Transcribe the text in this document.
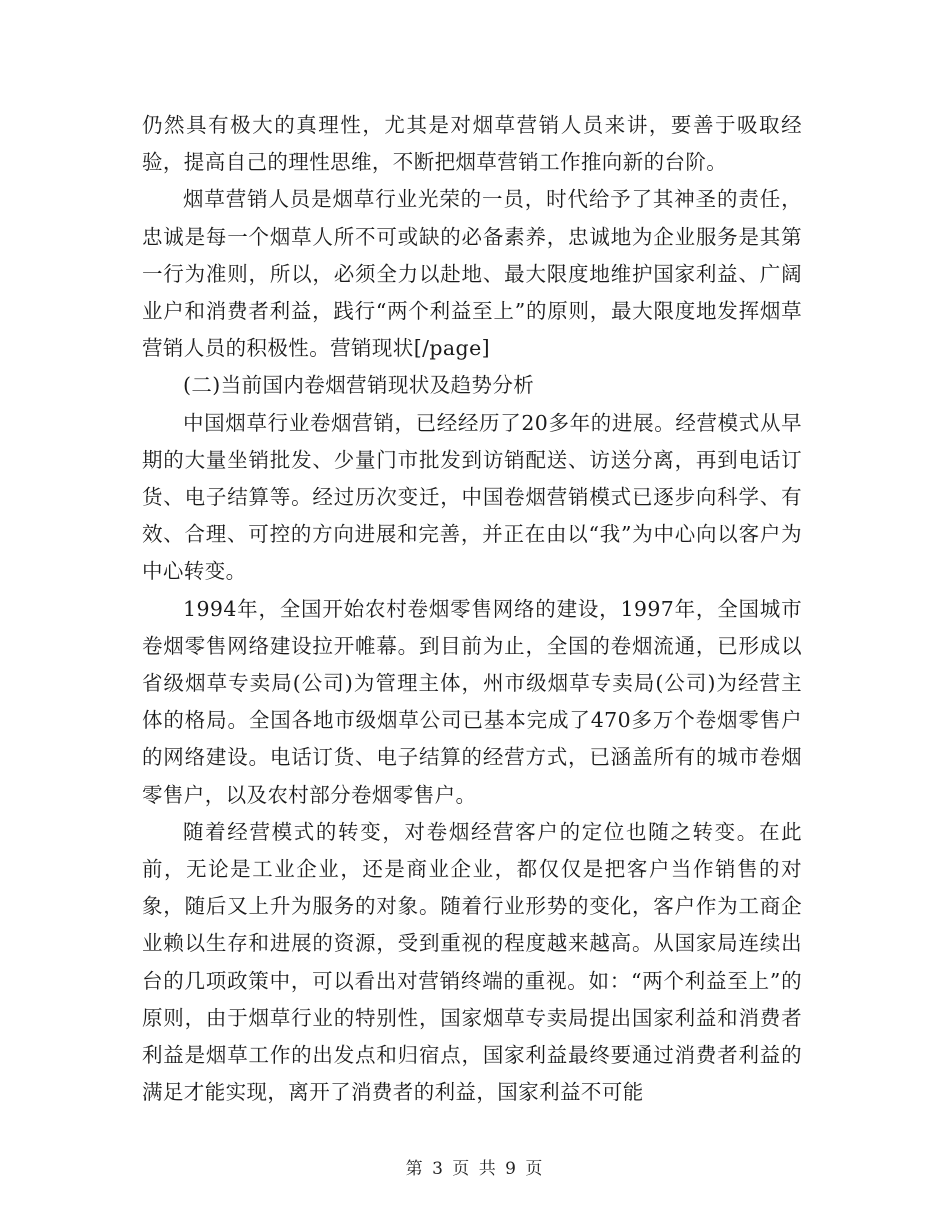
仍然具有极大的真理性，尤其是对烟草营销人员来讲，要善于吸取经验，提高自己的理性思维，不断把烟草营销工作推向新的台阶。

烟草营销人员是烟草行业光荣的一员，时代给予了其神圣的责任，忠诚是每一个烟草人所不可或缺的必备素养，忠诚地为企业服务是其第一行为准则，所以，必须全力以赴地、最大限度地维护国家利益、广阔业户和消费者利益，践行“两个利益至上”的原则，最大限度地发挥烟草营销人员的积极性。营销现状[/page]

(二)当前国内卷烟营销现状及趋势分析

中国烟草行业卷烟营销，已经经历了20多年的进展。经营模式从早期的大量坐销批发、少量门市批发到访销配送、访送分离，再到电话订货、电子结算等。经过历次变迁，中国卷烟营销模式已逐步向科学、有效、合理、可控的方向进展和完善，并正在由以“我”为中心向以客户为中心转变。

1994年，全国开始农村卷烟零售网络的建设，1997年，全国城市卷烟零售网络建设拉开帷幕。到目前为止，全国的卷烟流通，已形成以省级烟草专卖局(公司)为管理主体，州市级烟草专卖局(公司)为经营主体的格局。全国各地市级烟草公司已基本完成了470多万个卷烟零售户的网络建设。电话订货、电子结算的经营方式，已涵盖所有的城市卷烟零售户，以及农村部分卷烟零售户。

随着经营模式的转变，对卷烟经营客户的定位也随之转变。在此前，无论是工业企业，还是商业企业，都仅仅是把客户当作销售的对象，随后又上升为服务的对象。随着行业形势的变化，客户作为工商企业赖以生存和进展的资源，受到重视的程度越来越高。从国家局连续出台的几项政策中，可以看出对营销终端的重视。如：“两个利益至上”的原则，由于烟草行业的特别性，国家烟草专卖局提出国家利益和消费者利益是烟草工作的出发点和归宿点，国家利益最终要通过消费者利益的满足才能实现，离开了消费者的利益，国家利益不可能

第 3 页 共 9 页
